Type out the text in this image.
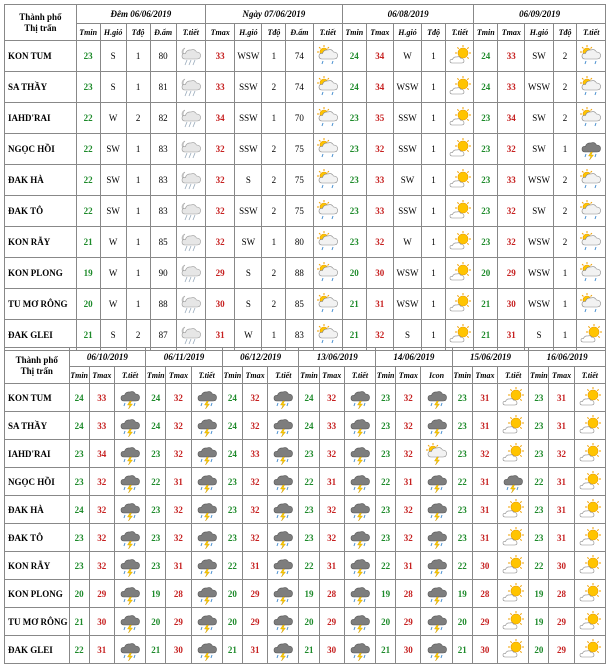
Thành phố
Thị trấn	Đêm 06/06/2019					Ngày 07/06/2019					06/08/2019					06/09/2019				
	Tmin	H.gió	Tđộ	Đ.ẩm	T.tiết	Tmax	H.gió	Tđộ	Đ.ẩm	T.tiết	Tmin	Tmax	H.gió	Tđộ	T.tiết	Tmin	Tmax	H.gió	Tđộ	T.tiết
KON TUM	23	S	1	80		33	WSW	1	74		24	34	W	1		24	33	SW	2	

SA THẦY	23	S	1	81		33	SSW	2	74		24	34	WSW	1		24	33	WSW	2	

IAHD'RAI	22	W	2	82		34	SSW	1	70		23	35	SSW	1		23	34	SW	2	

NGỌC HỒI	22	SW	1	83		32	SSW	2	75		23	32	SSW	1		23	32	SW	1	

ĐAK HÀ	22	SW	1	83		32	S	2	75		23	33	SW	1		23	33	WSW	2	

ĐAK TÔ	22	SW	1	83		32	SSW	2	75		23	33	SSW	1		23	32	SW	2	

KON RẪY	21	W	1	85		32	SW	1	80		23	32	W	1		23	32	WSW	2	

KON PLONG	19	W	1	90		29	S	2	88		20	30	WSW	1		20	29	WSW	1	

TU MƠ RÔNG	20	W	1	88		30	S	2	85		21	31	WSW	1		21	30	WSW	1	

ĐAK GLEI	21	S	2	87		31	W	1	83		21	32	S	1		21	31	S	1	
Thành phố
Thị trấn	06/10/2019			06/11/2019			06/12/2019			13/06/2019			14/06/2019			15/06/2019			16/06/2019		
	Tmin	Tmax	T.tiết	Tmin	Tmax	T.tiết	Tmin	Tmax	T.tiết	Tmin	Tmax	T.tiết	Tmin	Tmax	Icon	Tmin	Tmax	T.tiết	Tmin	Tmax	T.tiết
KON TUM	24	33		24	32		24	32		24	32		23	32		23	31		23	31	

SA THẦY	24	33		24	32		24	32		24	33		23	32		23	31		23	31	

IAHD'RAI	23	34		23	32		24	33		23	32		23	32		23	32		23	32	

NGỌC HỒI	23	32		22	31		23	32		22	31		22	31		22	31		22	31	

ĐAK HÀ	24	32		23	32		23	32		23	32		23	32		23	31		23	31	

ĐAK TÔ	23	32		23	32		23	32		23	32		23	32		23	31		23	31	

KON RẪY	23	32		23	31		22	31		22	31		22	31		22	30		22	30	

KON PLONG	20	29		19	28		20	29		19	28		19	28		19	28		19	28	

TU MƠ RÔNG	21	30		20	29		20	29		20	29		20	29		20	29		19	29	

ĐAK GLEI	22	31		21	30		21	31		21	30		21	30		21	30		20	29	
